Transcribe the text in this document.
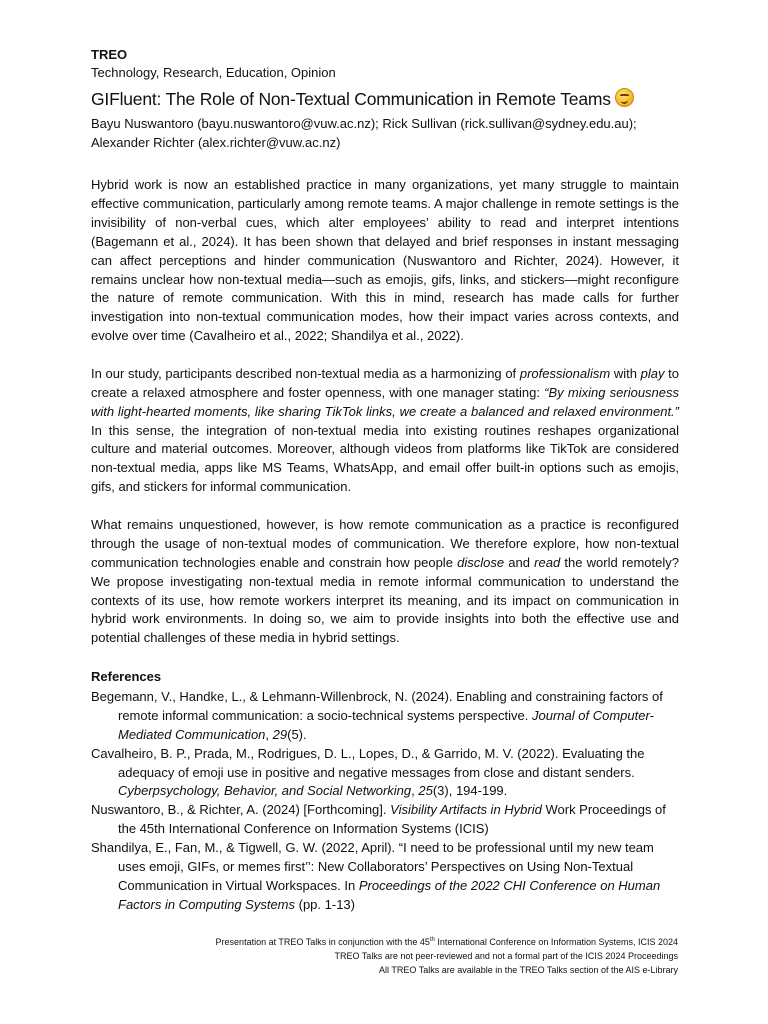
TREO
Technology, Research, Education, Opinion
GIFluent: The Role of Non-Textual Communication in Remote Teams
Bayu Nuswantoro (bayu.nuswantoro@vuw.ac.nz); Rick Sullivan (rick.sullivan@sydney.edu.au);
Alexander Richter (alex.richter@vuw.ac.nz)

Hybrid work is now an established practice in many organizations, yet many struggle to maintain effective communication, particularly among remote teams. A major challenge in remote settings is the invisibility of non-verbal cues, which alter employees’ ability to read and interpret intentions (Bagemann et al., 2024). It has been shown that delayed and brief responses in instant messaging can affect perceptions and hinder communication (Nuswantoro and Richter, 2024). However, it remains unclear how non-textual media—such as emojis, gifs, links, and stickers—might reconfigure the nature of remote communication. With this in mind, research has made calls for further investigation into non-textual communication modes, how their impact varies across contexts, and evolve over time (Cavalheiro et al., 2022; Shandilya et al., 2022).

In our study, participants described non-textual media as a harmonizing of professionalism with play to create a relaxed atmosphere and foster openness, with one manager stating: “By mixing seriousness with light-hearted moments, like sharing TikTok links, we create a balanced and relaxed environment.” In this sense, the integration of non-textual media into existing routines reshapes organizational culture and material outcomes. Moreover, although videos from platforms like TikTok are considered non-textual media, apps like MS Teams, WhatsApp, and email offer built-in options such as emojis, gifs, and stickers for informal communication.

What remains unquestioned, however, is how remote communication as a practice is reconfigured through the usage of non-textual modes of communication. We therefore explore, how non-textual communication technologies enable and constrain how people disclose and read the world remotely? We propose investigating non-textual media in remote informal communication to understand the contexts of its use, how remote workers interpret its meaning, and its impact on communication in hybrid work environments. In doing so, we aim to provide insights into both the effective use and potential challenges of these media in hybrid settings.

References

Begemann, V., Handke, L., & Lehmann-Willenbrock, N. (2024). Enabling and constraining factors of remote informal communication: a socio-technical systems perspective. Journal of Computer-Mediated Communication, 29(5).

Cavalheiro, B. P., Prada, M., Rodrigues, D. L., Lopes, D., & Garrido, M. V. (2022). Evaluating the adequacy of emoji use in positive and negative messages from close and distant senders. Cyberpsychology, Behavior, and Social Networking, 25(3), 194-199.

Nuswantoro, B., & Richter, A. (2024) [Forthcoming]. Visibility Artifacts in Hybrid Work Proceedings of the 45th International Conference on Information Systems (ICIS)

Shandilya, E., Fan, M., & Tigwell, G. W. (2022, April). “I need to be professional until my new team uses emoji, GIFs, or memes first’’: New Collaborators’ Perspectives on Using Non-Textual Communication in Virtual Workspaces. In Proceedings of the 2022 CHI Conference on Human Factors in Computing Systems (pp. 1-13)

Presentation at TREO Talks in conjunction with the 45th International Conference on Information Systems, ICIS 2024
TREO Talks are not peer-reviewed and not a formal part of the ICIS 2024 Proceedings
All TREO Talks are available in the TREO Talks section of the AIS e-Library
